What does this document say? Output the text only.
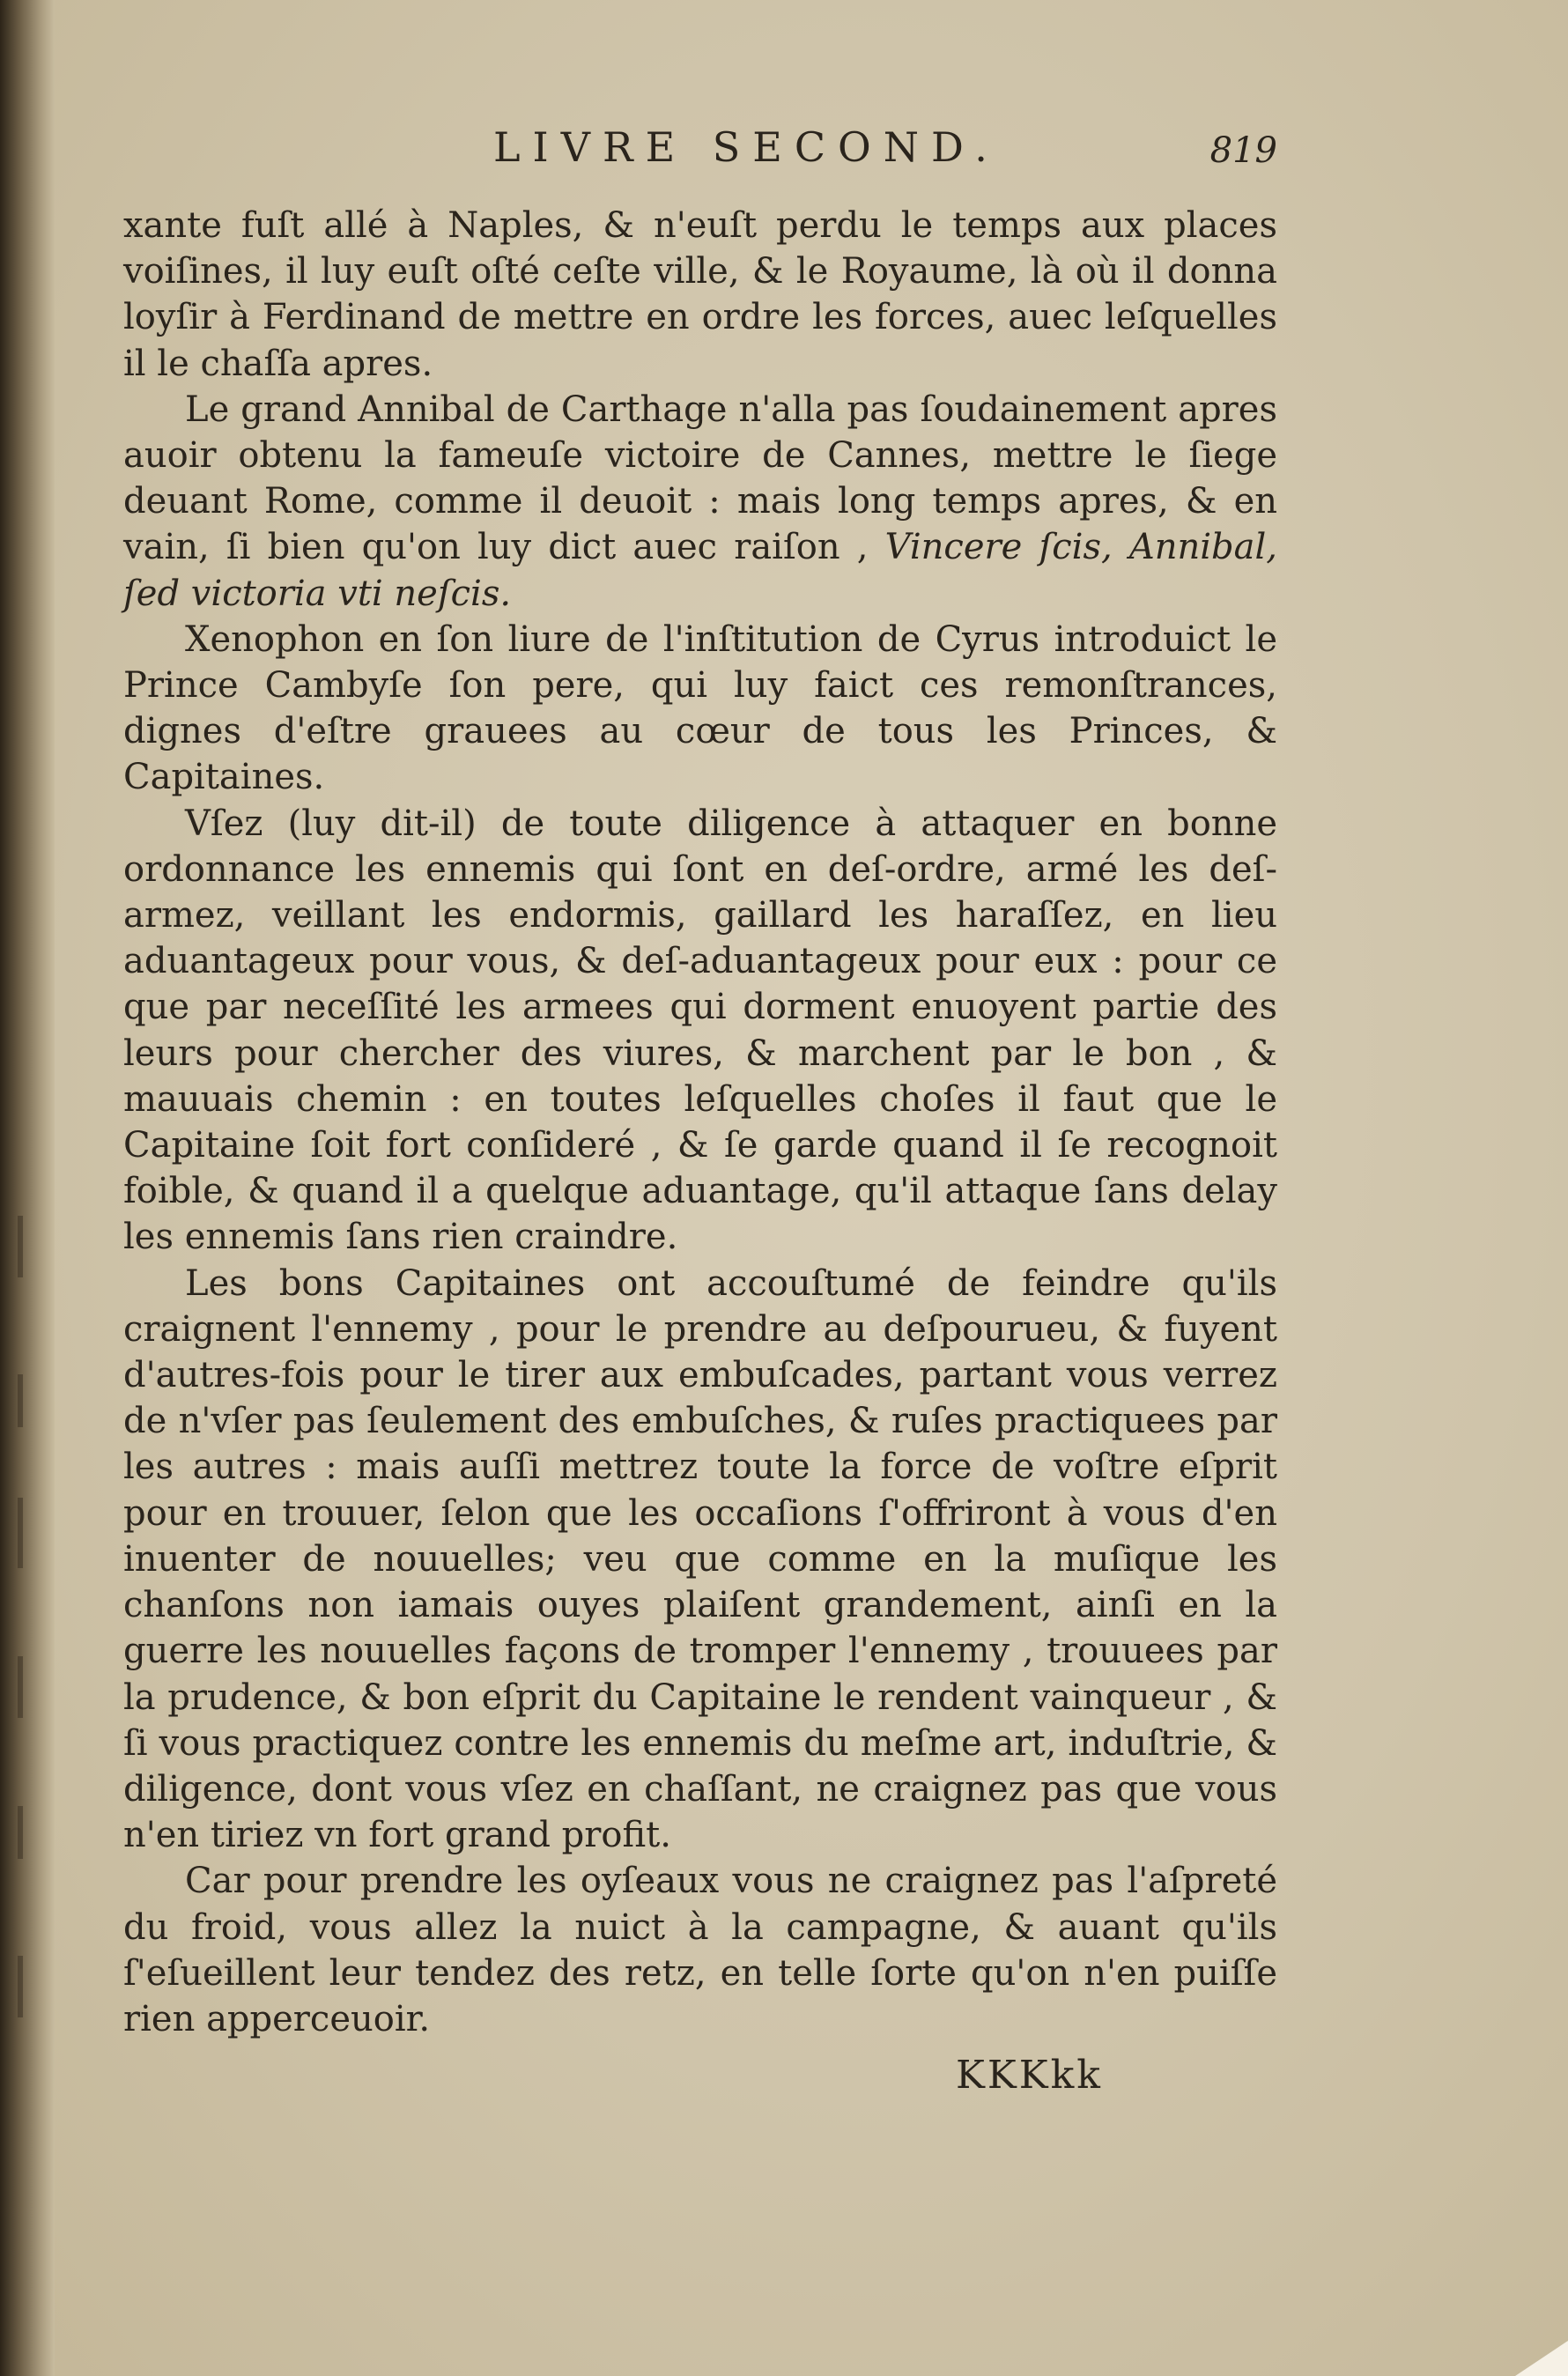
LIVRE SECOND.	819

xante fuſt allé à Naples, & n'euſt perdu le temps aux places voiſines, il luy euſt oſté ceſte ville, & le Royaume, là où il donna loyſir à Ferdinand de mettre en ordre les forces, auec leſquelles il le chaſſa apres.

Le grand Annibal de Carthage n'alla pas ſoudainement apres auoir obtenu la fameuſe victoire de Cannes, mettre le ſiege deuant Rome, comme il deuoit : mais long temps apres, & en vain, ſi bien qu'on luy dict auec raiſon , Vincere ſcis, Annibal, ſed victoria vti neſcis.

Xenophon en ſon liure de l'inſtitution de Cyrus introduict le Prince Cambyſe ſon pere, qui luy faict ces remonſtrances, dignes d'eſtre grauees au cœur de tous les Princes, & Capitaines.

Vſez (luy dit-il) de toute diligence à attaquer en bonne ordonnance les ennemis qui ſont en deſ-ordre, armé les deſ-armez, veillant les endormis, gaillard les haraſſez, en lieu aduantageux pour vous, & deſ-aduantageux pour eux : pour ce que par neceſſité les armees qui dorment enuoyent partie des leurs pour chercher des viures, & marchent par le bon , & mauuais chemin : en toutes leſquelles choſes il faut que le Capitaine ſoit fort conſideré , & ſe garde quand il ſe recognoit foible, & quand il a quelque aduantage, qu'il attaque ſans delay les ennemis ſans rien craindre.

Les bons Capitaines ont accouſtumé de feindre qu'ils craignent l'ennemy , pour le prendre au deſpourueu, & fuyent d'autres-fois pour le tirer aux embuſcades, partant vous verrez de n'vſer pas ſeulement des embuſches, & ruſes practiquees par les autres : mais auſſi mettrez toute la force de voſtre eſprit pour en trouuer, ſelon que les occaſions ſ'offriront à vous d'en inuenter de nouuelles; veu que comme en la muſique les chanſons non iamais ouyes plaiſent grandement, ainſi en la guerre les nouuelles façons de tromper l'ennemy , trouuees par la prudence, & bon eſprit du Capitaine le rendent vainqueur , & ſi vous practiquez contre les ennemis du meſme art, induſtrie, & diligence, dont vous vſez en chaſſant, ne craignez pas que vous n'en tiriez vn fort grand profit.

Car pour prendre les oyſeaux vous ne craignez pas l'aſpreté du froid, vous allez la nuict à la campagne, & auant qu'ils ſ'eſueillent leur tendez des retz, en telle ſorte qu'on n'en puiſſe rien apperceuoir.

KKKkk
